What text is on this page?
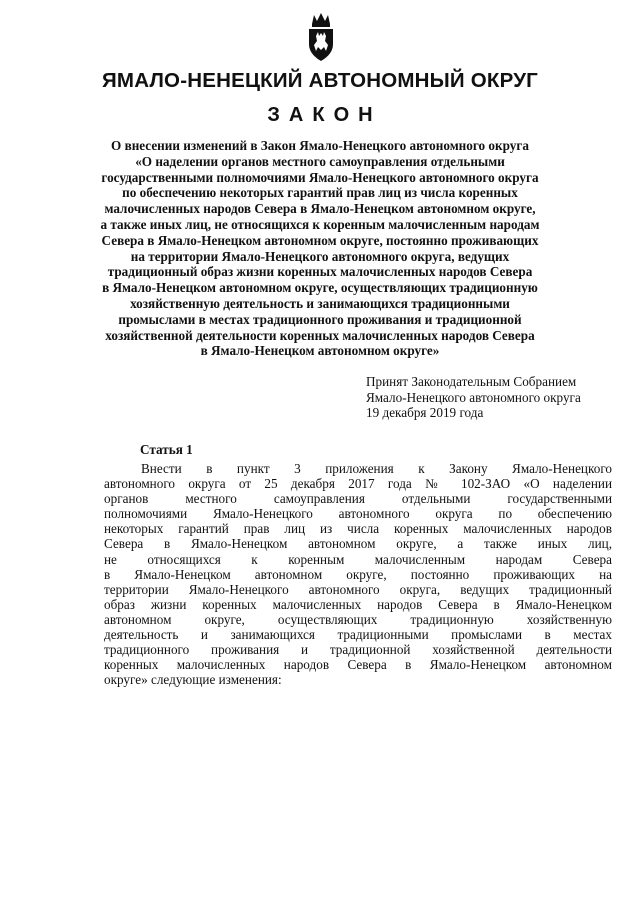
ЯМАЛО-НЕНЕЦКИЙ АВТОНОМНЫЙ ОКРУГ
ЗАКОН

О внесении изменений в Закон Ямало-Ненецкого автономного округа
«О наделении органов местного самоуправления отдельными
государственными полномочиями Ямало-Ненецкого автономного округа
по обеспечению некоторых гарантий прав лиц из числа коренных
малочисленных народов Севера в Ямало-Ненецком автономном округе,
а также иных лиц, не относящихся к коренным малочисленным народам
Севера в Ямало-Ненецком автономном округе, постоянно проживающих
на территории Ямало-Ненецкого автономного округа, ведущих
традиционный образ жизни коренных малочисленных народов Севера
в Ямало-Ненецком автономном округе, осуществляющих традиционную
хозяйственную деятельность и занимающихся традиционными
промыслами в местах традиционного проживания и традиционной
хозяйственной деятельности коренных малочисленных народов Севера
в Ямало-Ненецком автономном округе»

Принят Законодательным Собранием
Ямало-Ненецкого автономного округа
19 декабря 2019 года
Статья 1
Внести в пункт 3 приложения к Закону Ямало-Ненецкого
автономного округа от 25 декабря 2017 года № 102-ЗАО «О наделении
органов местного самоуправления отдельными государственными
полномочиями Ямало-Ненецкого автономного округа по обеспечению
некоторых гарантий прав лиц из числа коренных малочисленных народов
Севера в Ямало-Ненецком автономном округе, а также иных лиц,
не относящихся к коренным малочисленным народам Севера
в Ямало-Ненецком автономном округе, постоянно проживающих на
территории Ямало-Ненецкого автономного округа, ведущих традиционный
образ жизни коренных малочисленных народов Севера в Ямало-Ненецком
автономном округе, осуществляющих традиционную хозяйственную
деятельность и занимающихся традиционными промыслами в местах
традиционного проживания и традиционной хозяйственной деятельности
коренных малочисленных народов Севера в Ямало-Ненецком автономном
округе» следующие изменения:
